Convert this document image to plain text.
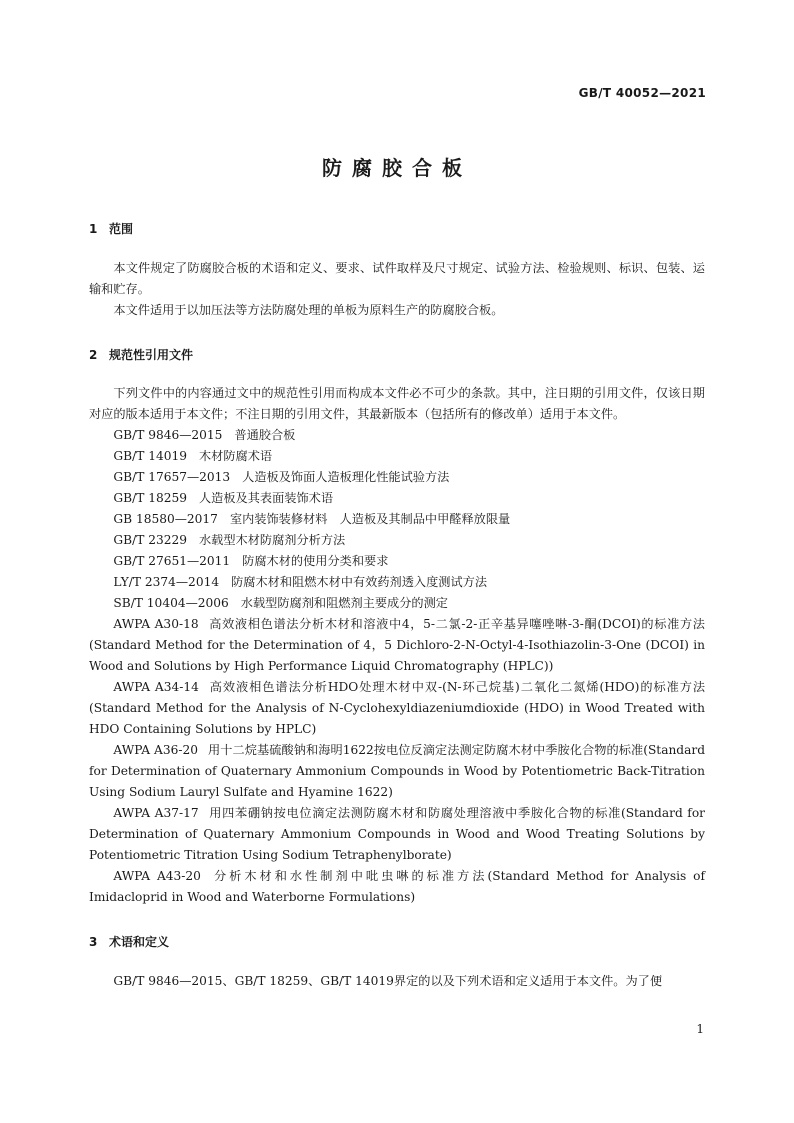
GB/T 40052—2021
防腐胶合板
1 范围

本文件规定了防腐胶合板的术语和定义、要求、试件取样及尺寸规定、试验方法、检验规则、标识、包装、运输和贮存。

本文件适用于以加压法等方法防腐处理的单板为原料生产的防腐胶合板。

2 规范性引用文件

下列文件中的内容通过文中的规范性引用而构成本文件必不可少的条款。其中，注日期的引用文件，仅该日期对应的版本适用于本文件；不注日期的引用文件，其最新版本（包括所有的修改单）适用于本文件。

GB/T 9846—2015 普通胶合板

GB/T 14019 木材防腐术语

GB/T 17657—2013 人造板及饰面人造板理化性能试验方法

GB/T 18259 人造板及其表面装饰术语

GB 18580—2017 室内装饰装修材料　人造板及其制品中甲醛释放限量

GB/T 23229 水载型木材防腐剂分析方法

GB/T 27651—2011 防腐木材的使用分类和要求

LY/T 2374—2014 防腐木材和阻燃木材中有效药剂透入度测试方法

SB/T 10404—2006 水载型防腐剂和阻燃剂主要成分的测定

AWPA A30-18 高效液相色谱法分析木材和溶液中4，5-二氯-2-正辛基异噻唑啉-3-酮(DCOI)的标准方法(Standard Method for the Determination of 4，5 Dichloro-2-N-Octyl-4-Isothiazolin-3-One (DCOI) in Wood and Solutions by High Performance Liquid Chromatography (HPLC))

AWPA A34-14 高效液相色谱法分析HDO处理木材中双-(N-环己烷基)二氧化二氮烯(HDO)的标准方法(Standard Method for the Analysis of N-Cyclohexyldiazeniumdioxide (HDO) in Wood Treated with HDO Containing Solutions by HPLC)

AWPA A36-20 用十二烷基硫酸钠和海明1622按电位反滴定法测定防腐木材中季胺化合物的标准(Standard for Determination of Quaternary Ammonium Compounds in Wood by Potentiometric Back-Titration Using Sodium Lauryl Sulfate and Hyamine 1622)

AWPA A37-17 用四苯硼钠按电位滴定法测防腐木材和防腐处理溶液中季胺化合物的标准(Standard for Determination of Quaternary Ammonium Compounds in Wood and Wood Treating Solutions by Potentiometric Titration Using Sodium Tetraphenylborate)

AWPA A43-20 分析木材和水性制剂中吡虫啉的标准方法(Standard Method for Analysis of Imidacloprid in Wood and Waterborne Formulations)

3 术语和定义

GB/T 9846—2015、GB/T 18259、GB/T 14019界定的以及下列术语和定义适用于本文件。为了便

1
